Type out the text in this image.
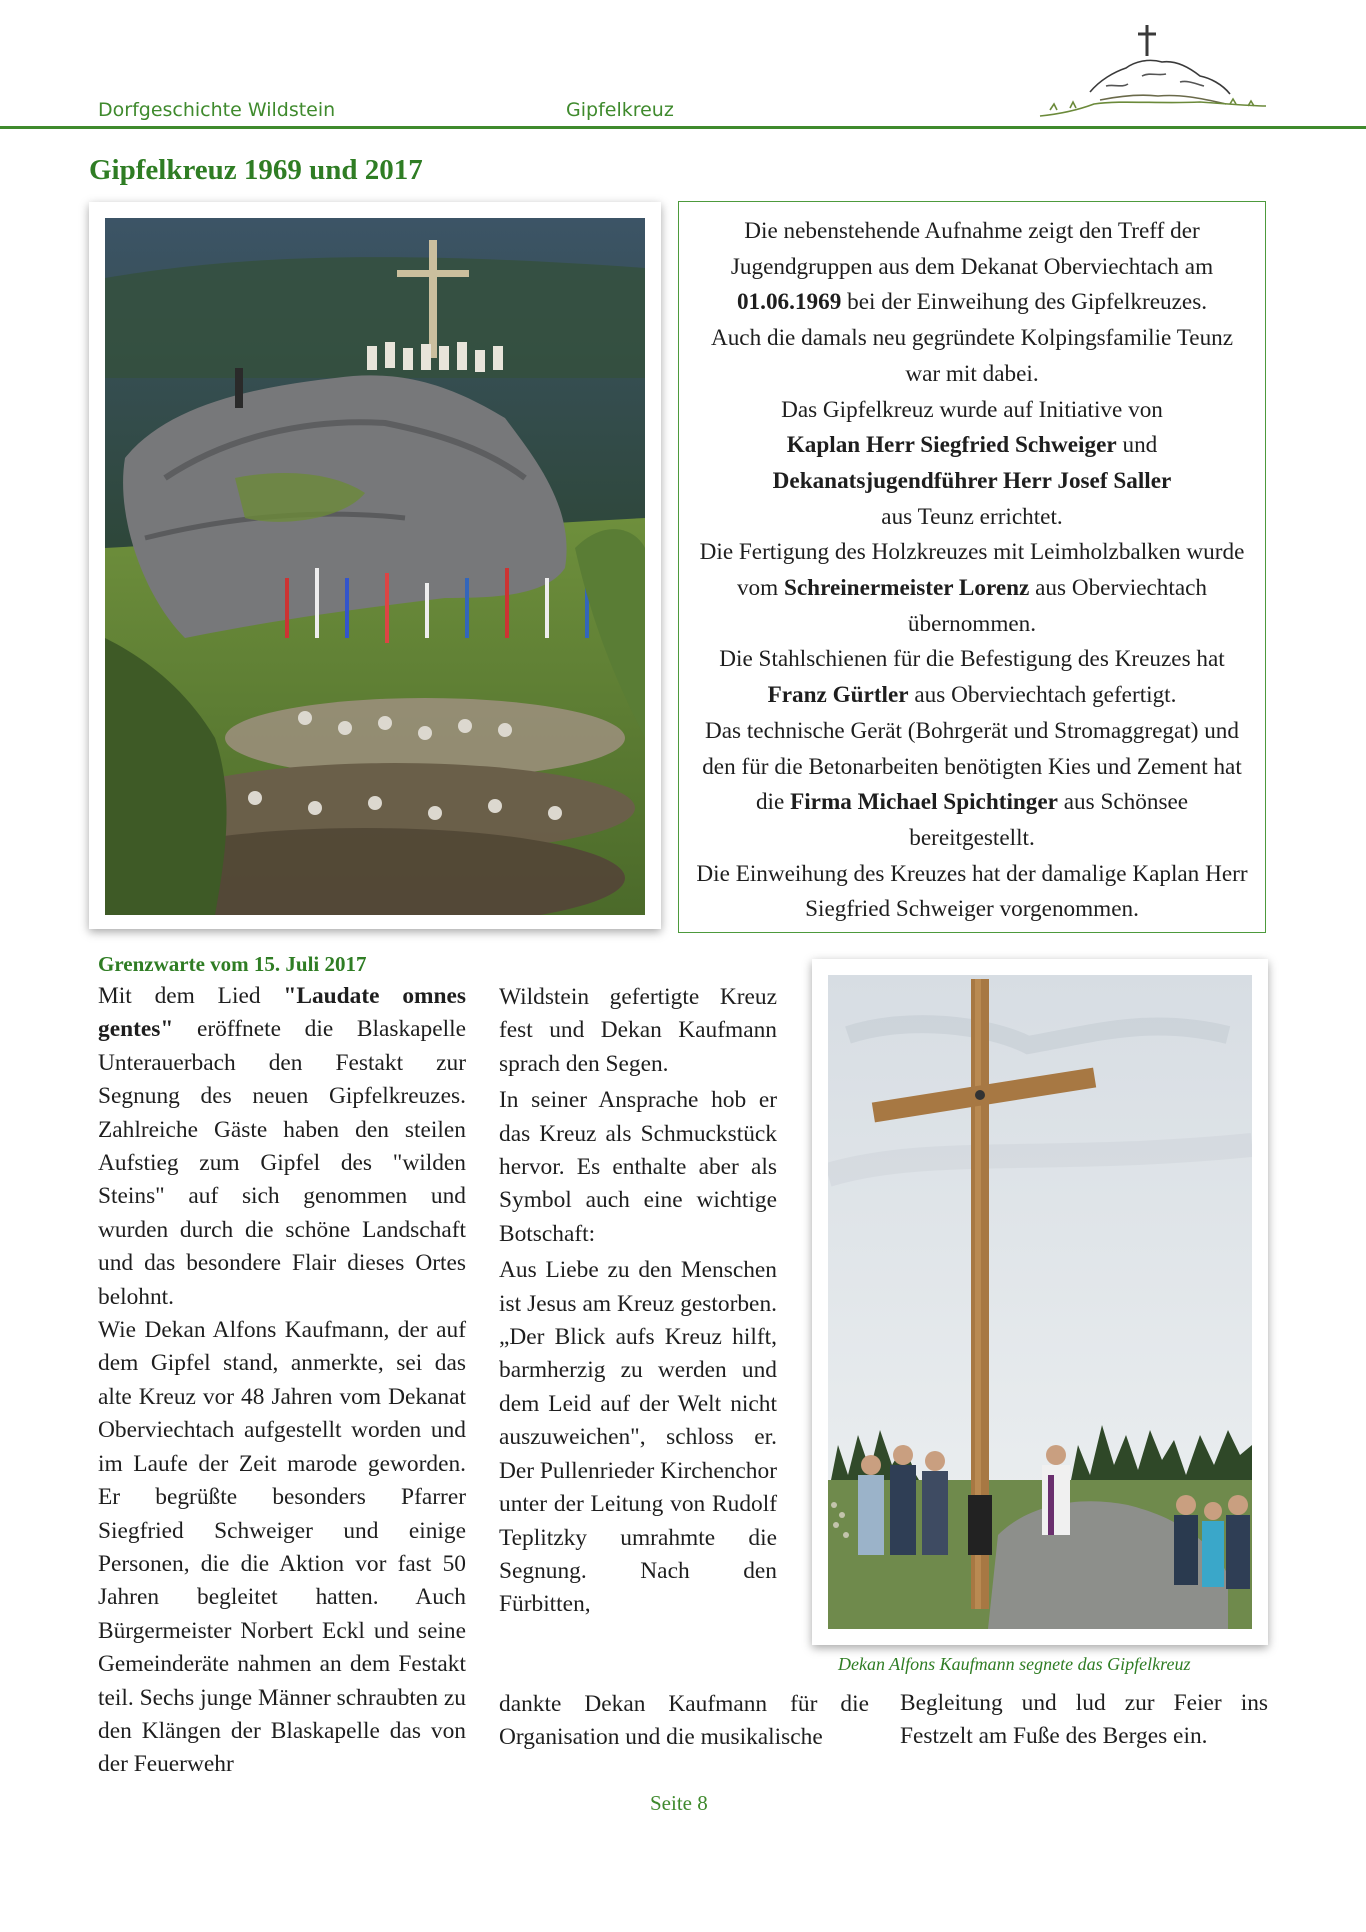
Dorfgeschichte Wildstein	Gipfelkreuz
Gipfelkreuz 1969 und 2017

Die nebenstehende Aufnahme zeigt den Treff der Jugendgruppen aus dem Dekanat Oberviechtach am 01.06.1969 bei der Einweihung des Gipfelkreuzes.

Auch die damals neu gegründete Kolpingsfamilie Teunz war mit dabei.

Das Gipfelkreuz wurde auf Initiative von
Kaplan Herr Siegfried Schweiger und
Dekanatsjugendführer Herr Josef Saller
aus Teunz errichtet.

Die Fertigung des Holzkreuzes mit Leimholzbalken wurde vom Schreinermeister Lorenz aus Oberviechtach übernommen.

Die Stahlschienen für die Befestigung des Kreuzes hat Franz Gürtler aus Oberviechtach gefertigt.

Das technische Gerät (Bohrgerät und Stromaggregat) und den für die Betonarbeiten benötigten Kies und Zement hat die Firma Michael Spichtinger aus Schönsee bereitgestellt.

Die Einweihung des Kreuzes hat der damalige Kaplan Herr Siegfried Schweiger vorgenommen.

Grenzwarte vom 15. Juli 2017

Mit dem Lied "Laudate omnes gentes" eröffnete die Blaskapelle Unterauerbach den Festakt zur Segnung des neuen Gipfelkreuzes. Zahlreiche Gäste haben den steilen Aufstieg zum Gipfel des "wilden Steins" auf sich genommen und wurden durch die schöne Landschaft und das besondere Flair dieses Ortes belohnt.

Wie Dekan Alfons Kaufmann, der auf dem Gipfel stand, anmerkte, sei das alte Kreuz vor 48 Jahren vom Dekanat Oberviechtach aufgestellt worden und im Laufe der Zeit marode geworden. Er begrüßte besonders Pfarrer Siegfried Schweiger und einige Personen, die die Aktion vor fast 50 Jahren begleitet hatten. Auch Bürgermeister Norbert Eckl und seine Gemeinderäte nahmen an dem Festakt teil. Sechs junge Männer schraubten zu den Klängen der Blaskapelle das von der Feuerwehr

Wildstein gefertigte Kreuz fest und Dekan Kaufmann sprach den Segen.

In seiner Ansprache hob er das Kreuz als Schmuckstück hervor. Es enthalte aber als Symbol auch eine wichtige Botschaft:

Aus Liebe zu den Menschen ist Jesus am Kreuz gestorben. „Der Blick aufs Kreuz hilft, barmherzig zu werden und dem Leid auf der Welt nicht auszuweichen", schloss er. Der Pullenrieder Kirchenchor unter der Leitung von Rudolf Teplitzky umrahmte die Segnung. Nach den Fürbitten,

dankte Dekan Kaufmann für die Organisation und die musikalische
Dekan Alfons Kaufmann segnete das Gipfelkreuz
Begleitung und lud zur Feier ins Festzelt am Fuße des Berges ein.
Seite 8
